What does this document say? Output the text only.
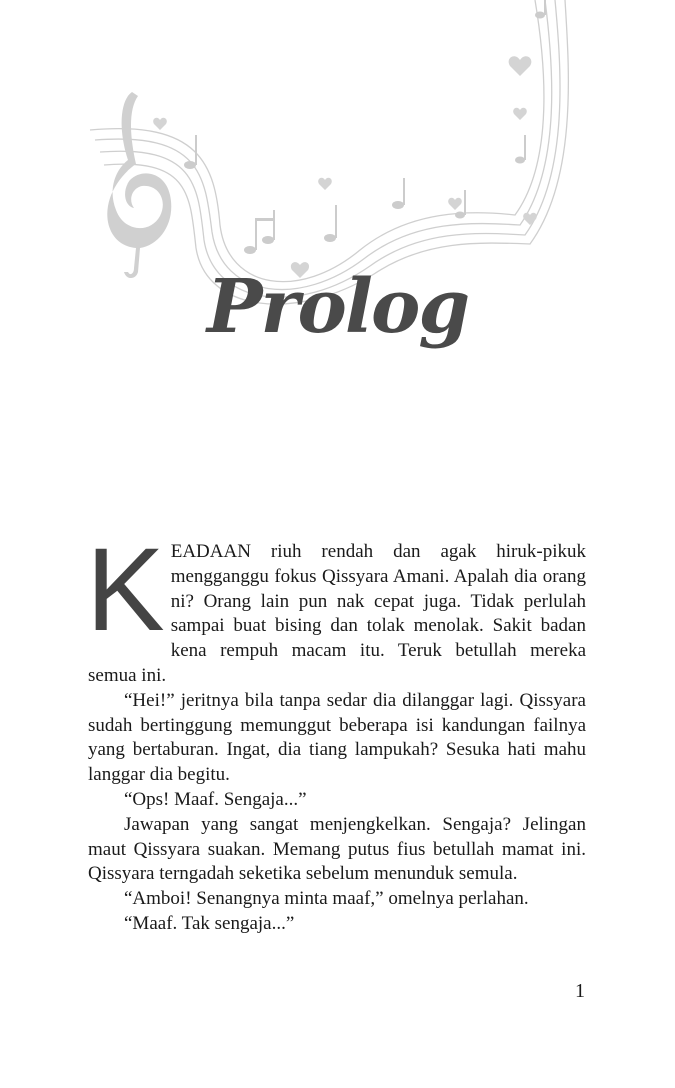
Prolog

KEADAAN riuh rendah dan agak hiruk-pikuk mengganggu fokus Qissyara Amani. Apalah dia orang ni? Orang lain pun nak cepat juga. Tidak perlulah sampai buat bising dan tolak menolak. Sakit badan kena rempuh macam itu. Teruk betullah mereka semua ini.

“Hei!” jeritnya bila tanpa sedar dia dilanggar lagi. Qissyara sudah bertinggung memunggut beberapa isi kandungan failnya yang bertaburan. Ingat, dia tiang lampukah? Sesuka hati mahu langgar dia begitu.

“Ops! Maaf. Sengaja...”

Jawapan yang sangat menjengkelkan. Sengaja? Jelingan maut Qissyara suakan. Memang putus fius betullah mamat ini. Qissyara terngadah seketika sebelum menunduk semula.

“Amboi! Senangnya minta maaf,” omelnya perlahan.

“Maaf. Tak sengaja...”

1
